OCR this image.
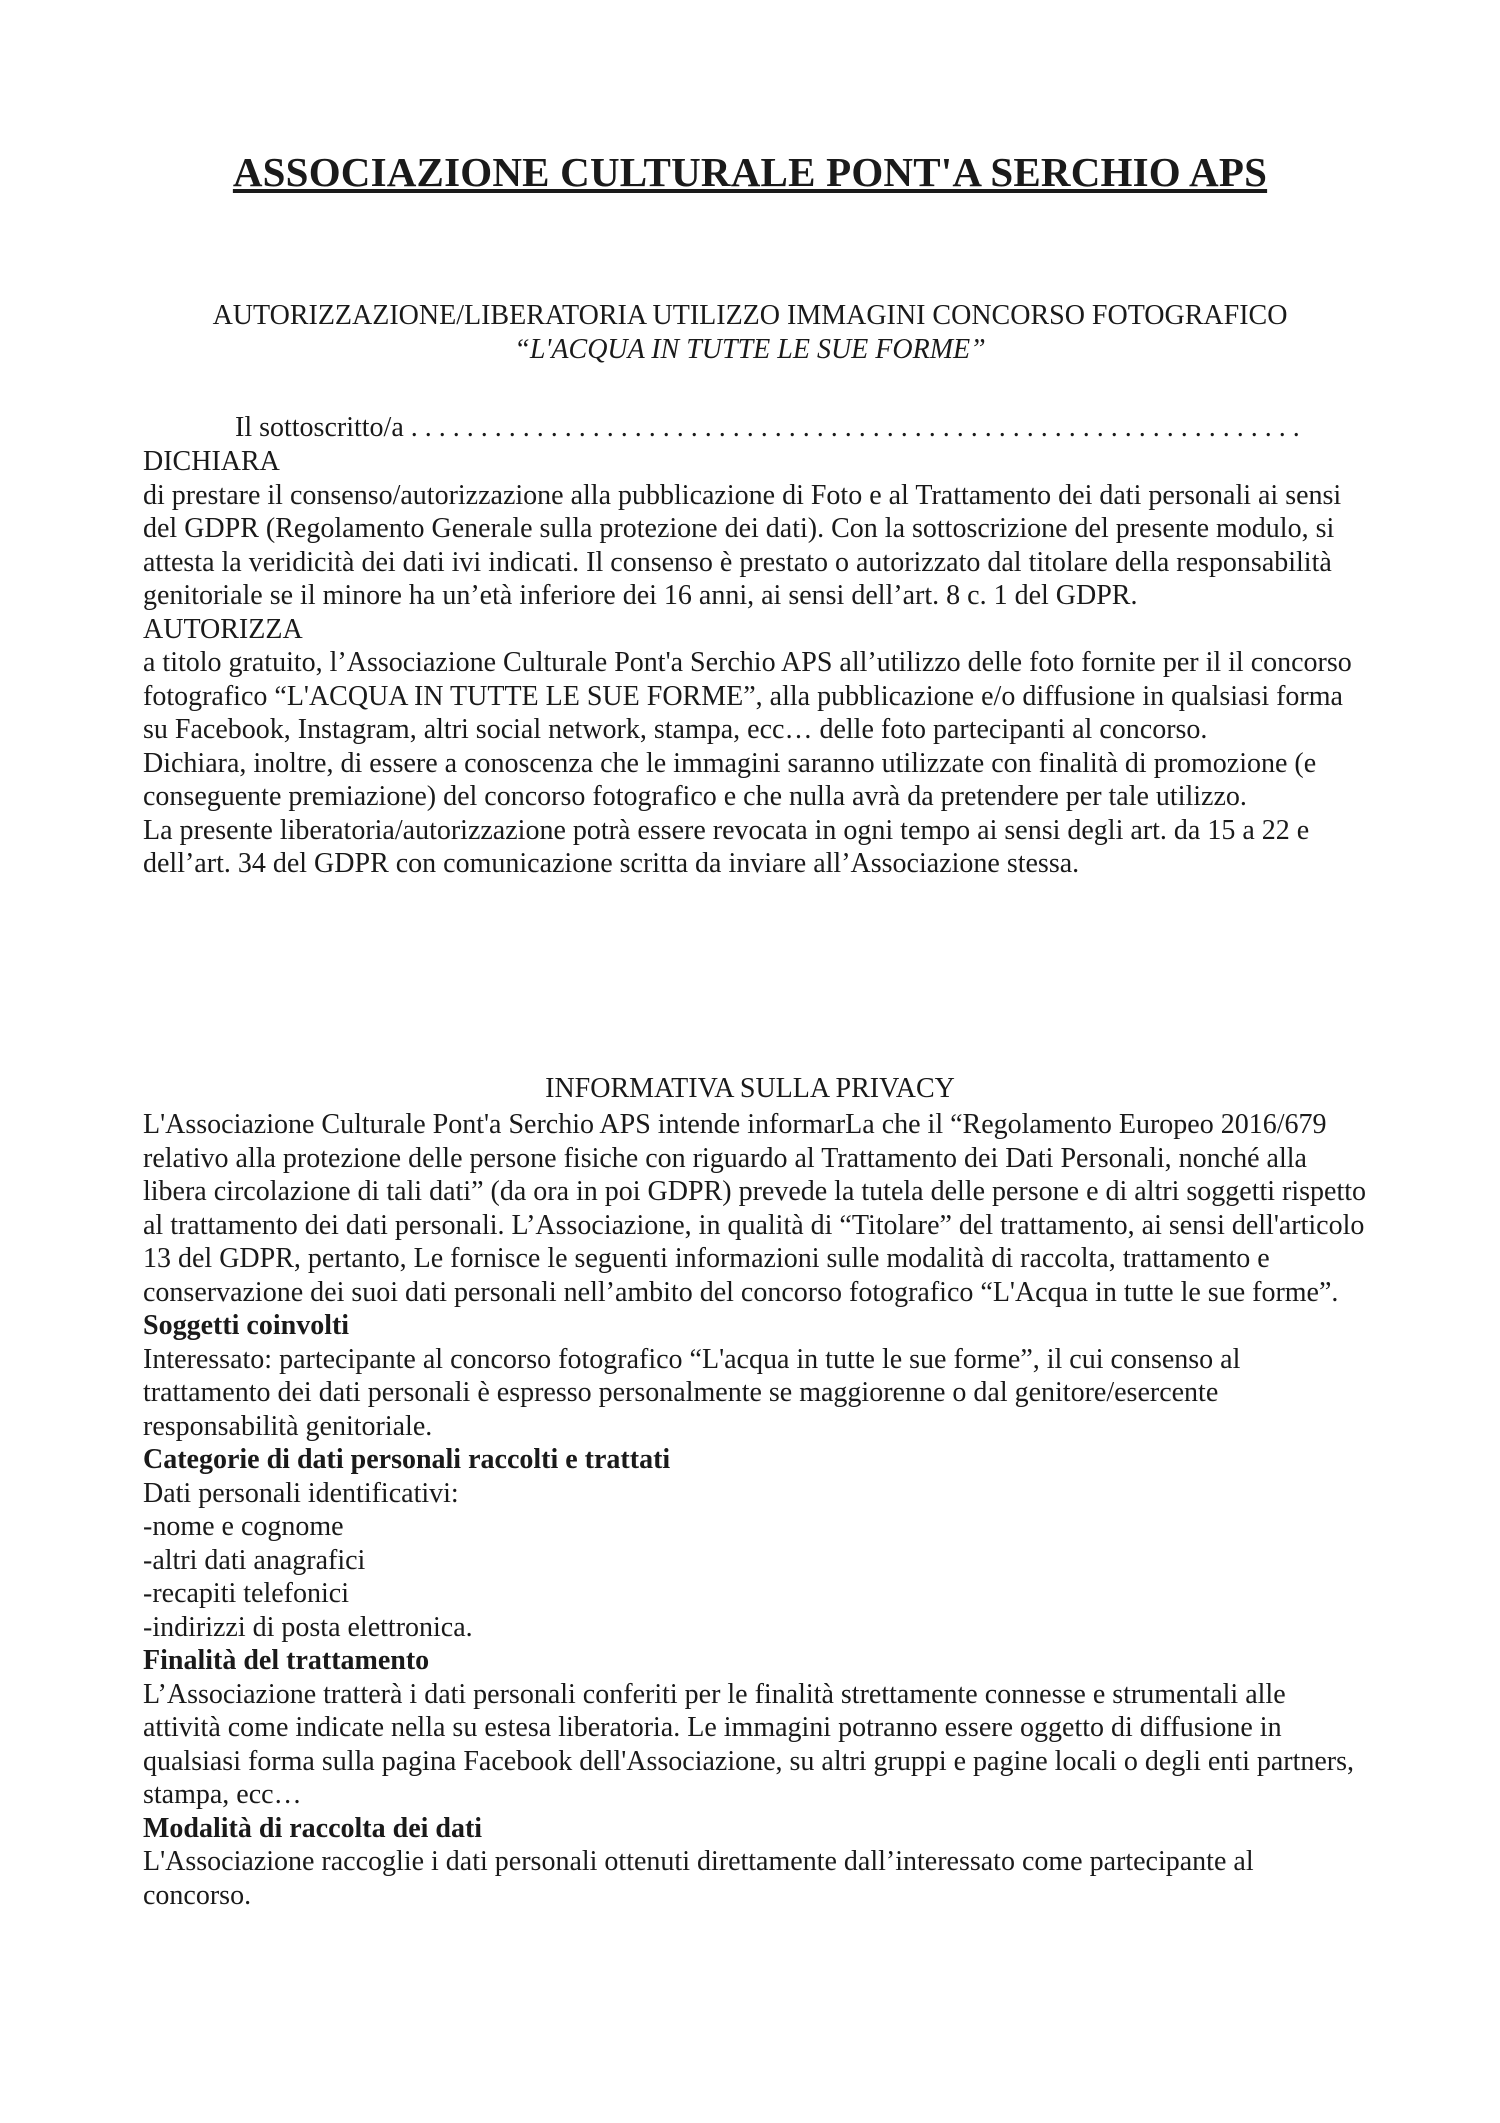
ASSOCIAZIONE CULTURALE PONT'A SERCHIO APS
AUTORIZZAZIONE/LIBERATORIA UTILIZZO IMMAGINI CONCORSO FOTOGRAFICO
“L'ACQUA IN TUTTE LE SUE FORME”
Il sottoscritto/a . . . . . . . . . . . . . . . . . . . . . . . . . . . . . . . . . . . . . . . . . . . . . . . . . . . . . . . . . . . . . . . .

DICHIARA

di prestare il consenso/autorizzazione alla pubblicazione di Foto e al Trattamento dei dati personali ai sensi del GDPR (Regolamento Generale sulla protezione dei dati). Con la sottoscrizione del presente modulo, si attesta la veridicità dei dati ivi indicati. Il consenso è prestato o autorizzato dal titolare della responsabilità genitoriale se il minore ha un’età inferiore dei 16 anni, ai sensi dell’art. 8 c. 1 del GDPR.

AUTORIZZA

a titolo gratuito, l’Associazione Culturale Pont'a Serchio APS all’utilizzo delle foto fornite per il il concorso fotografico “L'ACQUA IN TUTTE LE SUE FORME”, alla pubblicazione e/o diffusione in qualsiasi forma su Facebook, Instagram, altri social network, stampa, ecc… delle foto partecipanti al concorso.

Dichiara, inoltre, di essere a conoscenza che le immagini saranno utilizzate con finalità di promozione (e conseguente premiazione) del concorso fotografico e che nulla avrà da pretendere per tale utilizzo.

La presente liberatoria/autorizzazione potrà essere revocata in ogni tempo ai sensi degli art. da 15 a 22 e dell’art. 34 del GDPR con comunicazione scritta da inviare all’Associazione stessa.

INFORMATIVA SULLA PRIVACY

L'Associazione Culturale Pont'a Serchio APS intende informarLa che il “Regolamento Europeo 2016/679 relativo alla protezione delle persone fisiche con riguardo al Trattamento dei Dati Personali, nonché alla libera circolazione di tali dati” (da ora in poi GDPR) prevede la tutela delle persone e di altri soggetti rispetto al trattamento dei dati personali. L’Associazione, in qualità di “Titolare” del trattamento, ai sensi dell'articolo 13 del GDPR, pertanto, Le fornisce le seguenti informazioni sulle modalità di raccolta, trattamento e conservazione dei suoi dati personali nell’ambito del concorso fotografico “L'Acqua in tutte le sue forme”.

Soggetti coinvolti

Interessato: partecipante al concorso fotografico “L'acqua in tutte le sue forme”, il cui consenso al trattamento dei dati personali è espresso personalmente se maggiorenne o dal genitore/esercente responsabilità genitoriale.

Categorie di dati personali raccolti e trattati

Dati personali identificativi:

-nome e cognome

-altri dati anagrafici

-recapiti telefonici

-indirizzi di posta elettronica.

Finalità del trattamento

L’Associazione tratterà i dati personali conferiti per le finalità strettamente connesse e strumentali alle attività come indicate nella su estesa liberatoria. Le immagini potranno essere oggetto di diffusione in qualsiasi forma sulla pagina Facebook dell'Associazione, su altri gruppi e pagine locali o degli enti partners, stampa, ecc…

Modalità di raccolta dei dati

L'Associazione raccoglie i dati personali ottenuti direttamente dall’interessato come partecipante al concorso.
